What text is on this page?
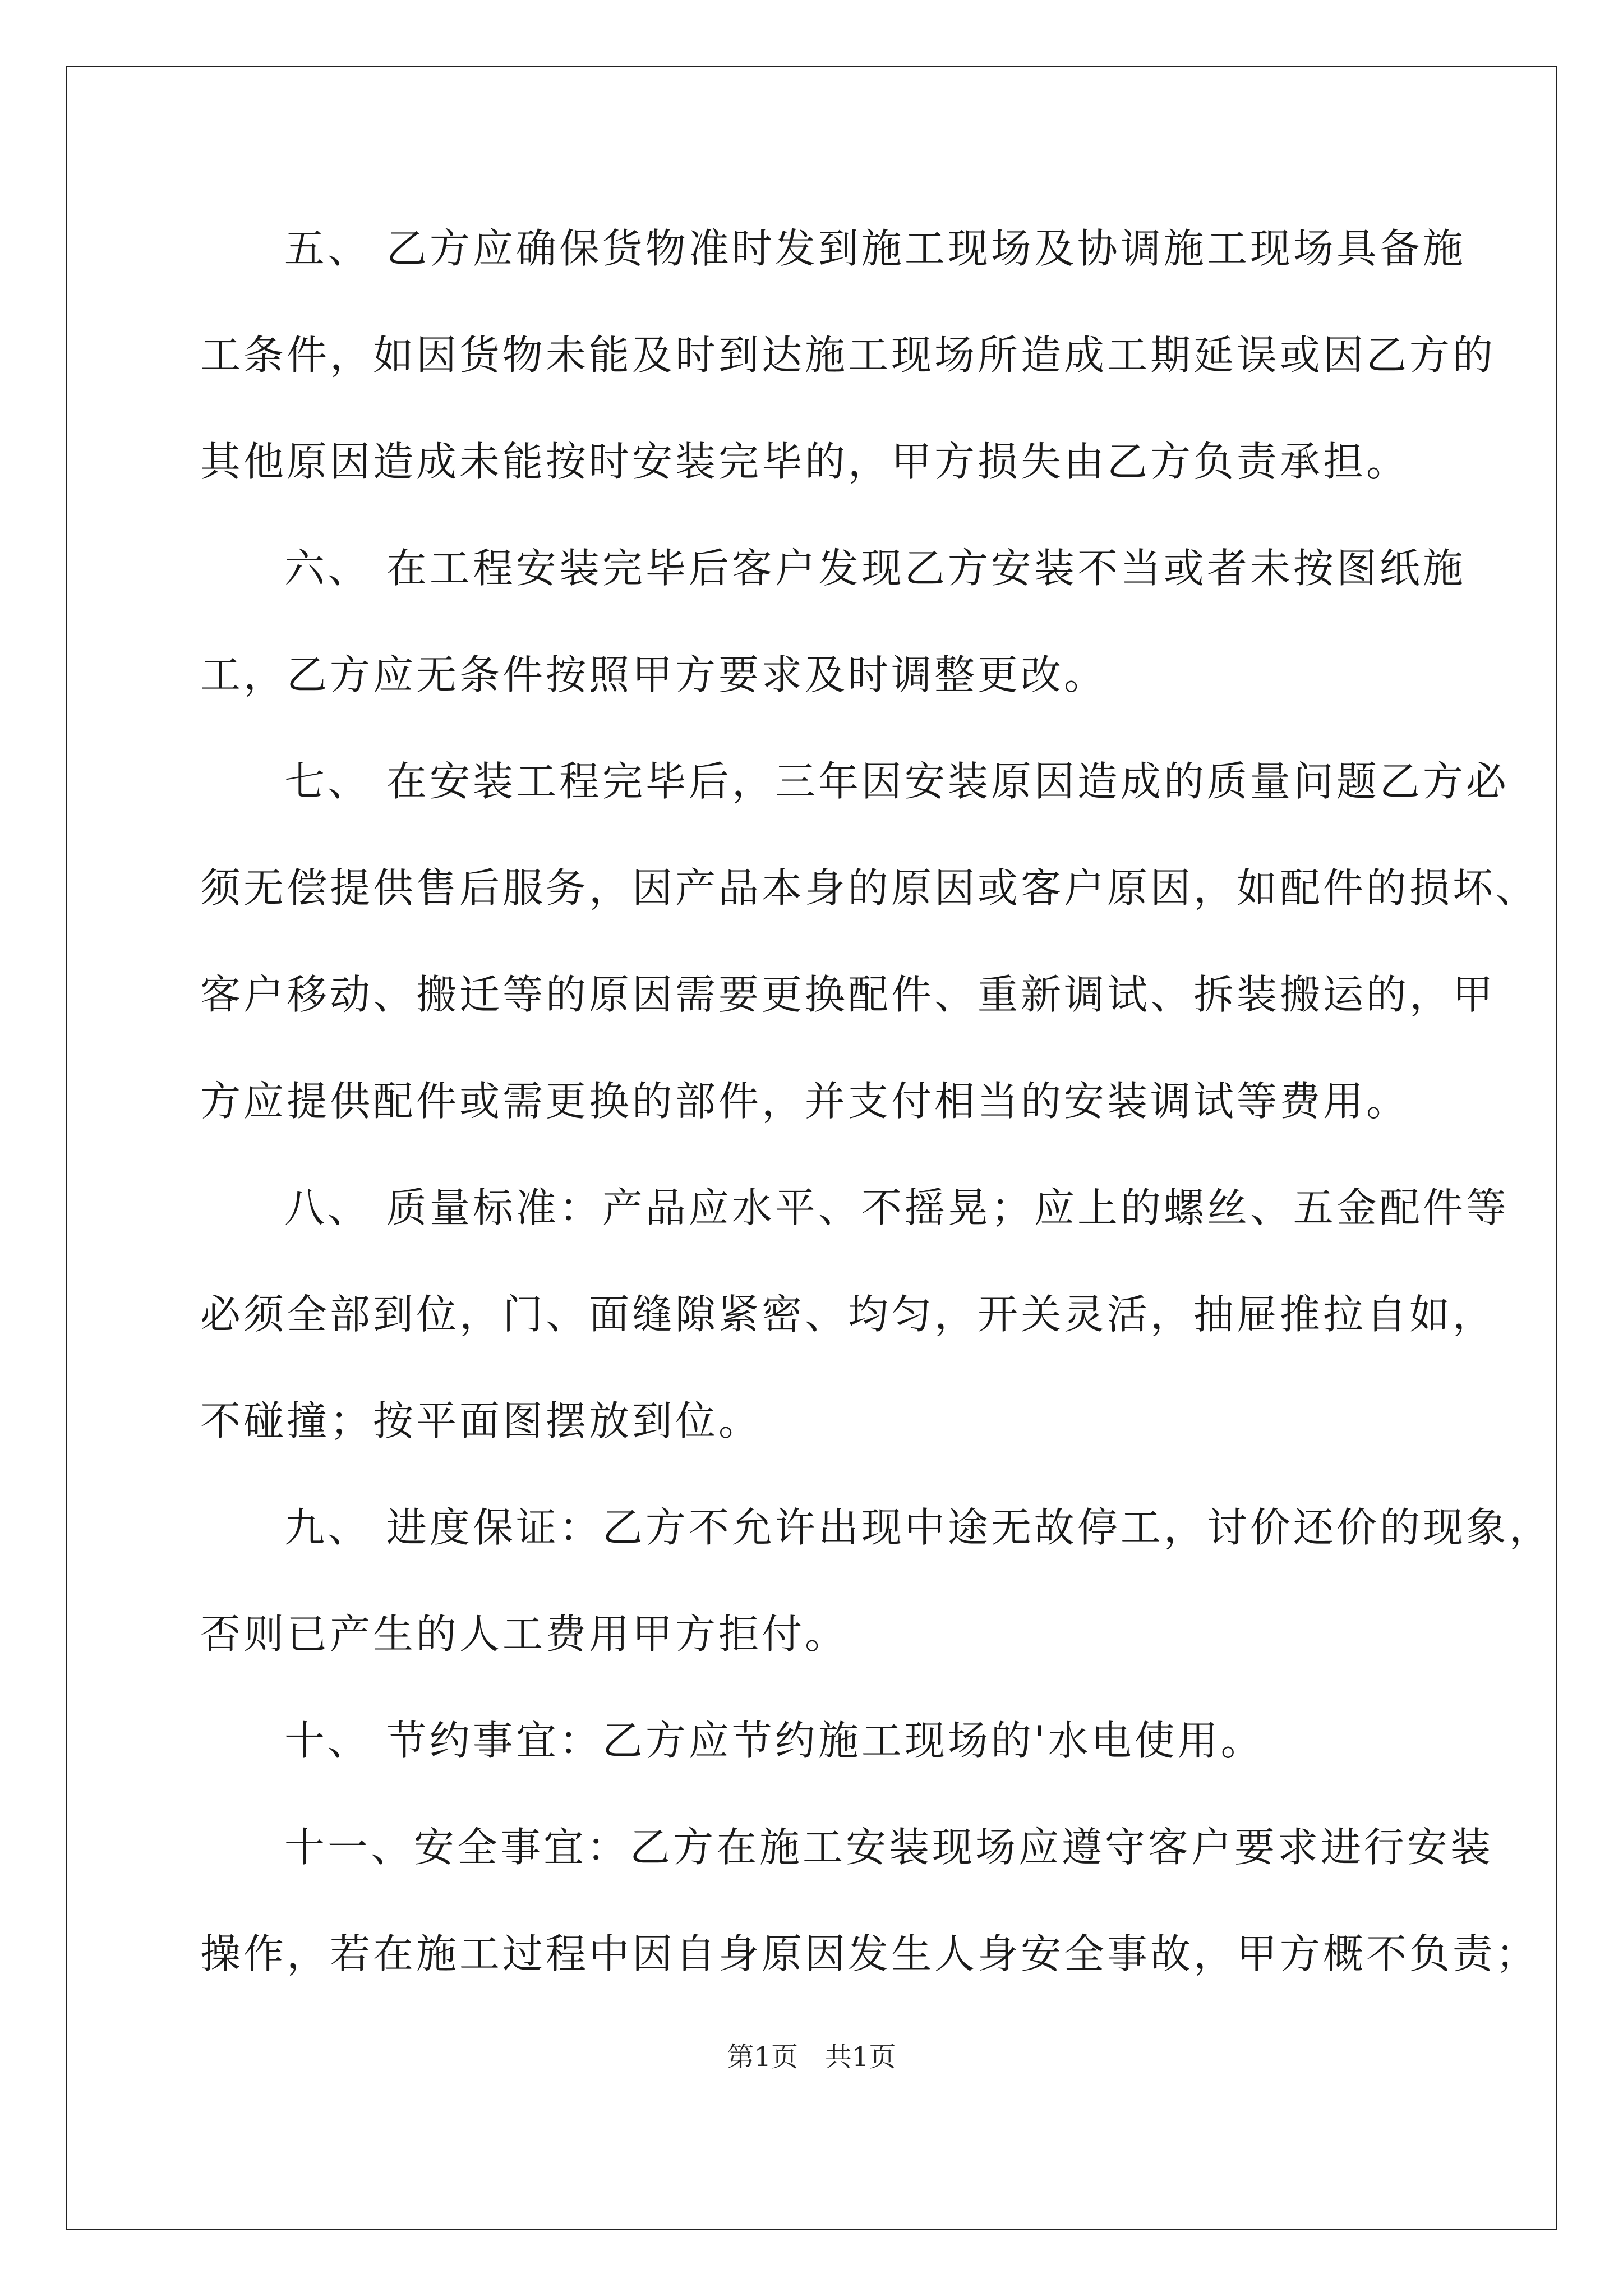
五、 乙方应确保货物准时发到施工现场及协调施工现场具备施
工条件，如因货物未能及时到达施工现场所造成工期延误或因乙方的
其他原因造成未能按时安装完毕的，甲方损失由乙方负责承担。
六、 在工程安装完毕后客户发现乙方安装不当或者未按图纸施
工，乙方应无条件按照甲方要求及时调整更改。
七、 在安装工程完毕后，三年因安装原因造成的质量问题乙方必
须无偿提供售后服务，因产品本身的原因或客户原因，如配件的损坏、
客户移动、搬迁等的原因需要更换配件、重新调试、拆装搬运的，甲
方应提供配件或需更换的部件，并支付相当的安装调试等费用。
八、 质量标准：产品应水平、不摇晃；应上的螺丝、五金配件等
必须全部到位，门、面缝隙紧密、均匀，开关灵活，抽屉推拉自如，
不碰撞；按平面图摆放到位。
九、 进度保证：乙方不允许出现中途无故停工，讨价还价的现象，
否则已产生的人工费用甲方拒付。
十、 节约事宜：乙方应节约施工现场的'水电使用。
十一、安全事宜：乙方在施工安装现场应遵守客户要求进行安装
操作，若在施工过程中因自身原因发生人身安全事故，甲方概不负责；
第1页　共1页
